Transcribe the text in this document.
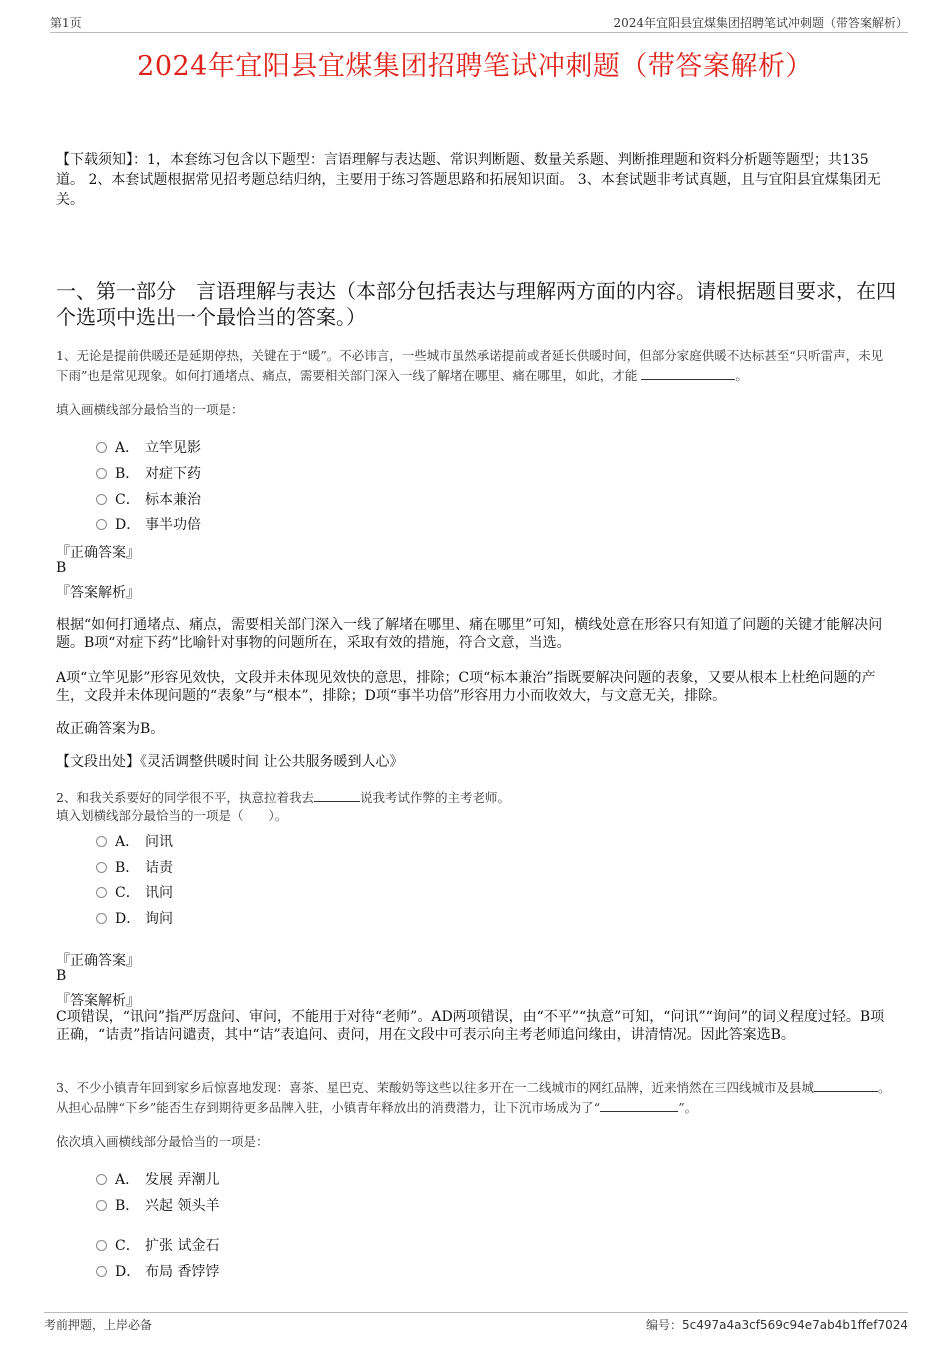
第1页	2024年宜阳县宜煤集团招聘笔试冲刺题（带答案解析）
2024年宜阳县宜煤集团招聘笔试冲刺题（带答案解析）
【下载须知】：1，本套练习包含以下题型：言语理解与表达题、常识判断题、数量关系题、判断推理题和资料分析题等题型；共135道。 2、本套试题根据常见招考题总结归纳，主要用于练习答题思路和拓展知识面。 3、本套试题非考试真题，且与宜阳县宜煤集团无关。
一、第一部分　言语理解与表达（本部分包括表达与理解两方面的内容。请根据题目要求，在四个选项中选出一个最恰当的答案。）
1、无论是提前供暖还是延期停热，关键在于“暖”。不必讳言，一些城市虽然承诺提前或者延长供暖时间，但部分家庭供暖不达标甚至“只听雷声，未见下雨”也是常见现象。如何打通堵点、痛点，需要相关部门深入一线了解堵在哪里、痛在哪里，如此，才能	。
填入画横线部分最恰当的一项是：
A． 立竿见影
B． 对症下药
C． 标本兼治
D． 事半功倍
『正确答案』
B
『答案解析』
根据“如何打通堵点、痛点，需要相关部门深入一线了解堵在哪里、痛在哪里”可知，横线处意在形容只有知道了问题的关键才能解决问题。B项“对症下药”比喻针对事物的问题所在，采取有效的措施，符合文意，当选。
A项“立竿见影”形容见效快，文段并未体现见效快的意思，排除；C项“标本兼治”指既要解决问题的表象，又要从根本上杜绝问题的产生，文段并未体现问题的“表象”与“根本”，排除；D项“事半功倍”形容用力小而收效大，与文意无关，排除。
故正确答案为B。
【文段出处】《灵活调整供暖时间 让公共服务暖到人心》
2、和我关系要好的同学很不平，执意拉着我去	说我考试作弊的主考老师。
填入划横线部分最恰当的一项是（　　）。
A． 问讯
B． 诘责
C． 讯问
D． 询问
『正确答案』
B
『答案解析』
C项错误，“讯问”指严厉盘问、审问，不能用于对待“老师”。AD两项错误，由“不平”“执意”可知，“问讯”“询问”的词义程度过轻。B项正确，“诘责”指诘问谴责，其中“诘”表追问、责问，用在文段中可表示向主考老师追问缘由，讲清情况。因此答案选B。
3、不少小镇青年回到家乡后惊喜地发现：喜茶、星巴克、茉酸奶等这些以往多开在一二线城市的网红品牌，近来悄然在三四线城市及县城	。从担心品牌“下乡”能否生存到期待更多品牌入驻，小镇青年释放出的消费潜力，让下沉市场成为了“	”。
依次填入画横线部分最恰当的一项是：
A． 发展 弄潮儿
B． 兴起 领头羊
C． 扩张 试金石
D． 布局 香饽饽
考前押题，上岸必备	编号：5c497a4a3cf569c94e7ab4b1ffef7024
